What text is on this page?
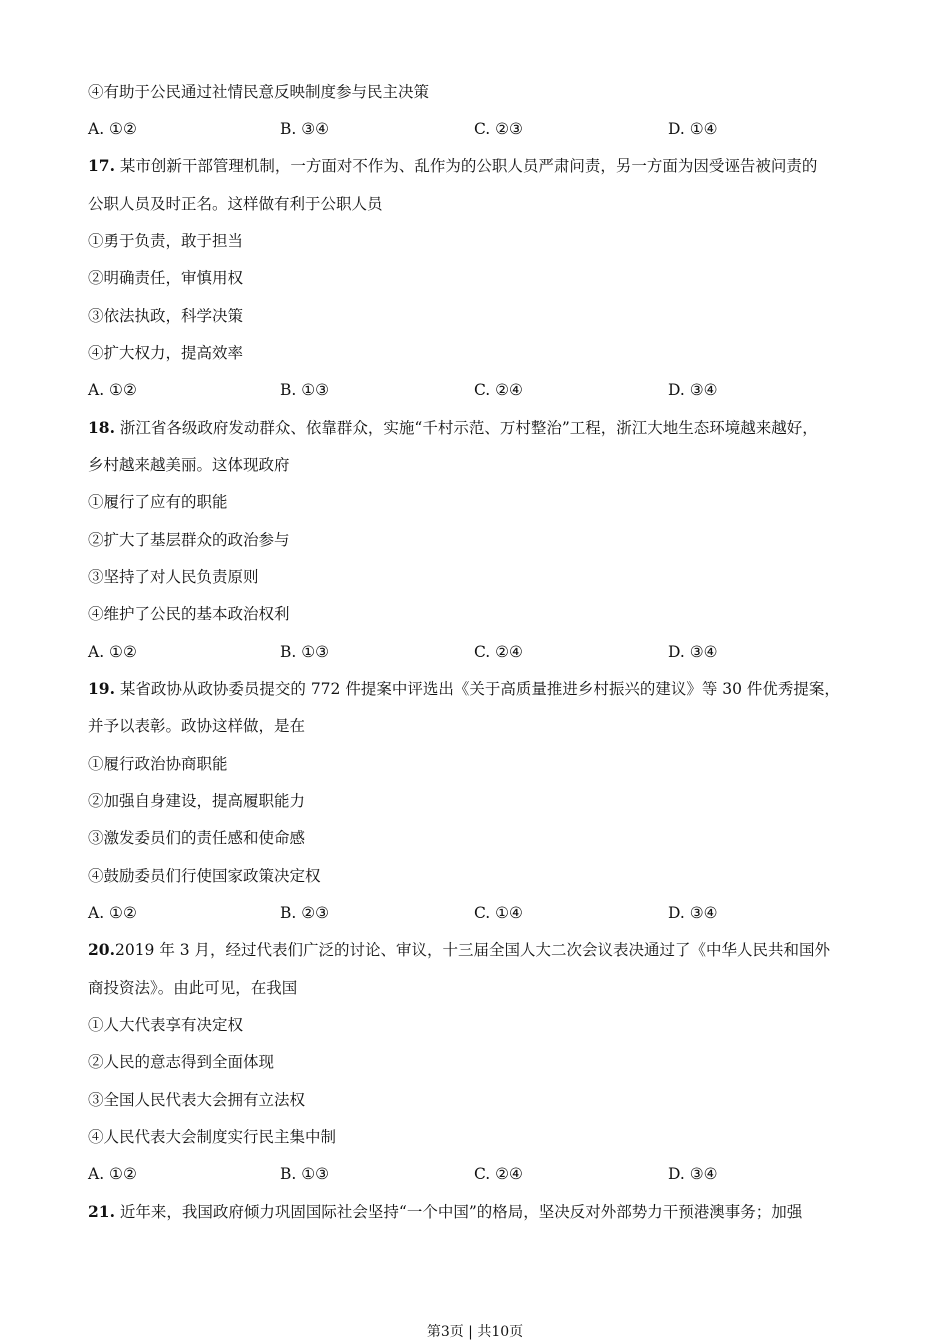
④有助于公民通过社情民意反映制度参与民主决策
A. ①②	B. ③④	C. ②③	D. ①④
17. 某市创新干部管理机制，一方面对不作为、乱作为的公职人员严肃问责，另一方面为因受诬告被问责的
公职人员及时正名。这样做有利于公职人员
①勇于负责，敢于担当
②明确责任，审慎用权
③依法执政，科学决策
④扩大权力，提高效率
A. ①②	B. ①③	C. ②④	D. ③④
18. 浙江省各级政府发动群众、依靠群众，实施“千村示范、万村整治”工程，浙江大地生态环境越来越好，
乡村越来越美丽。这体现政府
①履行了应有的职能
②扩大了基层群众的政治参与
③坚持了对人民负责原则
④维护了公民的基本政治权利
A. ①②	B. ①③	C. ②④	D. ③④
19. 某省政协从政协委员提交的 772 件提案中评选出《关于高质量推进乡村振兴的建议》等 30 件优秀提案，
并予以表彰。政协这样做，是在
①履行政治协商职能
②加强自身建设，提高履职能力
③激发委员们的责任感和使命感
④鼓励委员们行使国家政策决定权
A. ①②	B. ②③	C. ①④	D. ③④
20.2019 年 3 月，经过代表们广泛的讨论、审议，十三届全国人大二次会议表决通过了《中华人民共和国外
商投资法》。由此可见，在我国
①人大代表享有决定权
②人民的意志得到全面体现
③全国人民代表大会拥有立法权
④人民代表大会制度实行民主集中制
A. ①②	B. ①③	C. ②④	D. ③④
21. 近年来，我国政府倾力巩固国际社会坚持“一个中国”的格局，坚决反对外部势力干预港澳事务；加强
第3页 | 共10页
